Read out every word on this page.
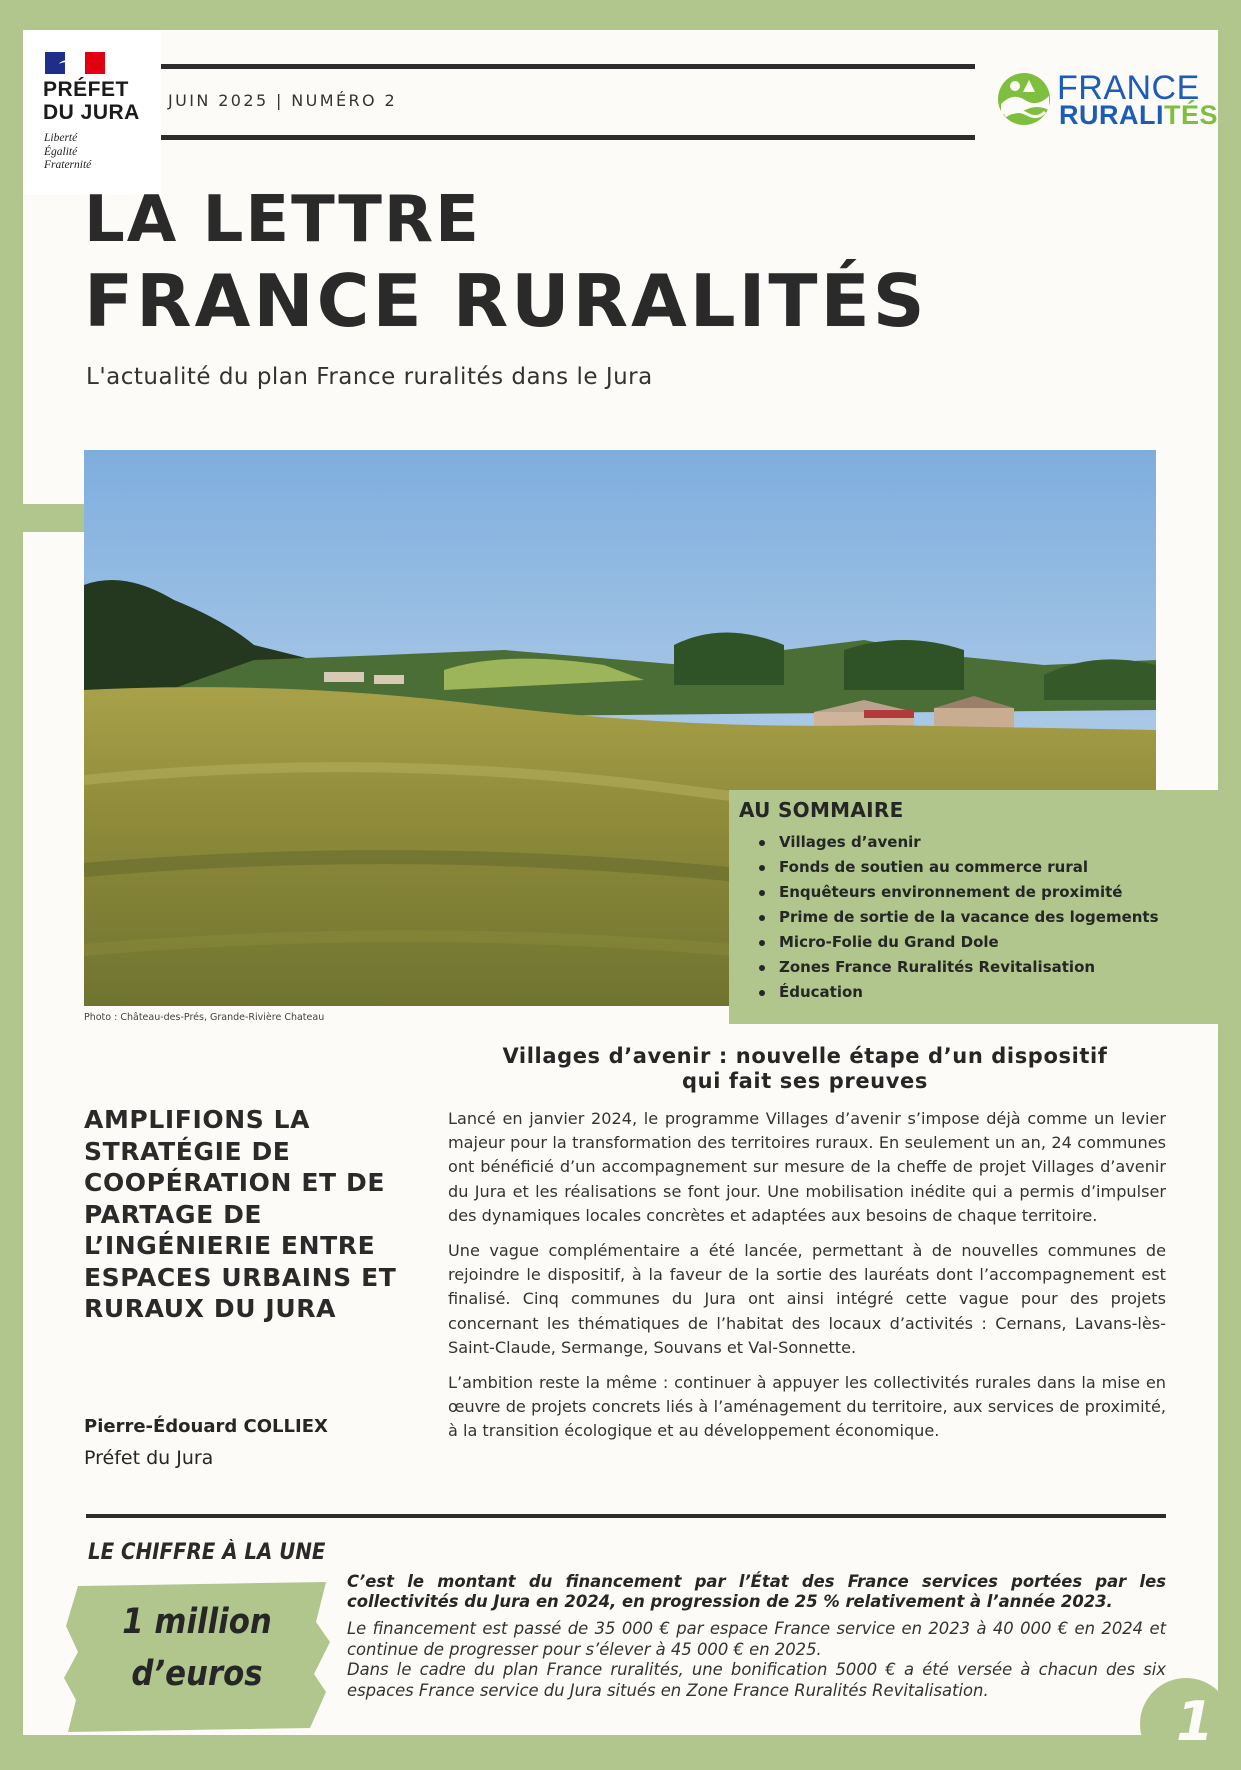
PRÉFET
DU JURA
Liberté
Égalité
Fraternité
JUIN 2025 | NUMÉRO 2	FRANCE
RURALITÉS
LA LETTRE
FRANCE RURALITÉS
L'actualité du plan France ruralités dans le Jura
Photo : Château-des-Prés, Grande-Rivière Chateau
AU SOMMAIRE
Villages d’avenir
Fonds de soutien au commerce rural
Enquêteurs environnement de proximité
Prime de sortie de la vacance des logements
Micro-Folie du Grand Dole
Zones France Ruralités Revitalisation
Éducation
AMPLIFIONS LA STRATÉGIE DE COOPÉRATION ET DE PARTAGE DE L’INGÉNIERIE ENTRE ESPACES URBAINS ET RURAUX DU JURA
Pierre-Édouard COLLIEX
Préfet du Jura
Villages d’avenir : nouvelle étape d’un dispositif
qui fait ses preuves

Lancé en janvier 2024, le programme Villages d’avenir s’impose déjà comme un levier majeur pour la transformation des territoires ruraux. En seulement un an, 24 communes ont bénéficié d’un accompagnement sur mesure de la cheffe de projet Villages d’avenir du Jura et les réalisations se font jour. Une mobilisation inédite qui a permis d’impulser des dynamiques locales concrètes et adaptées aux besoins de chaque territoire.

Une vague complémentaire a été lancée, permettant à de nouvelles communes de rejoindre le dispositif, à la faveur de la sortie des lauréats dont l’accompagnement est finalisé. Cinq communes du Jura ont ainsi intégré cette vague pour des projets concernant les thématiques de l’habitat des locaux d’activités : Cernans, Lavans-lès-Saint-Claude, Sermange, Souvans et Val-Sonnette.

L’ambition reste la même : continuer à appuyer les collectivités rurales dans la mise en œuvre de projets concrets liés à l’aménagement du territoire, aux services de proximité, à la transition écologique et au développement économique.

LE CHIFFRE À LA UNE
1 million
d’euros

C’est le montant du financement par l’État des France services portées par les collectivités du Jura en 2024, en progression de 25 % relativement à l’année 2023.

Le financement est passé de 35 000 € par espace France service en 2023 à 40 000 € en 2024 et continue de progresser pour s’élever à 45 000 € en 2025.
Dans le cadre du plan France ruralités, une bonification 5000 € a été versée à chacun des six espaces France service du Jura situés en Zone France Ruralités Revitalisation.	1
